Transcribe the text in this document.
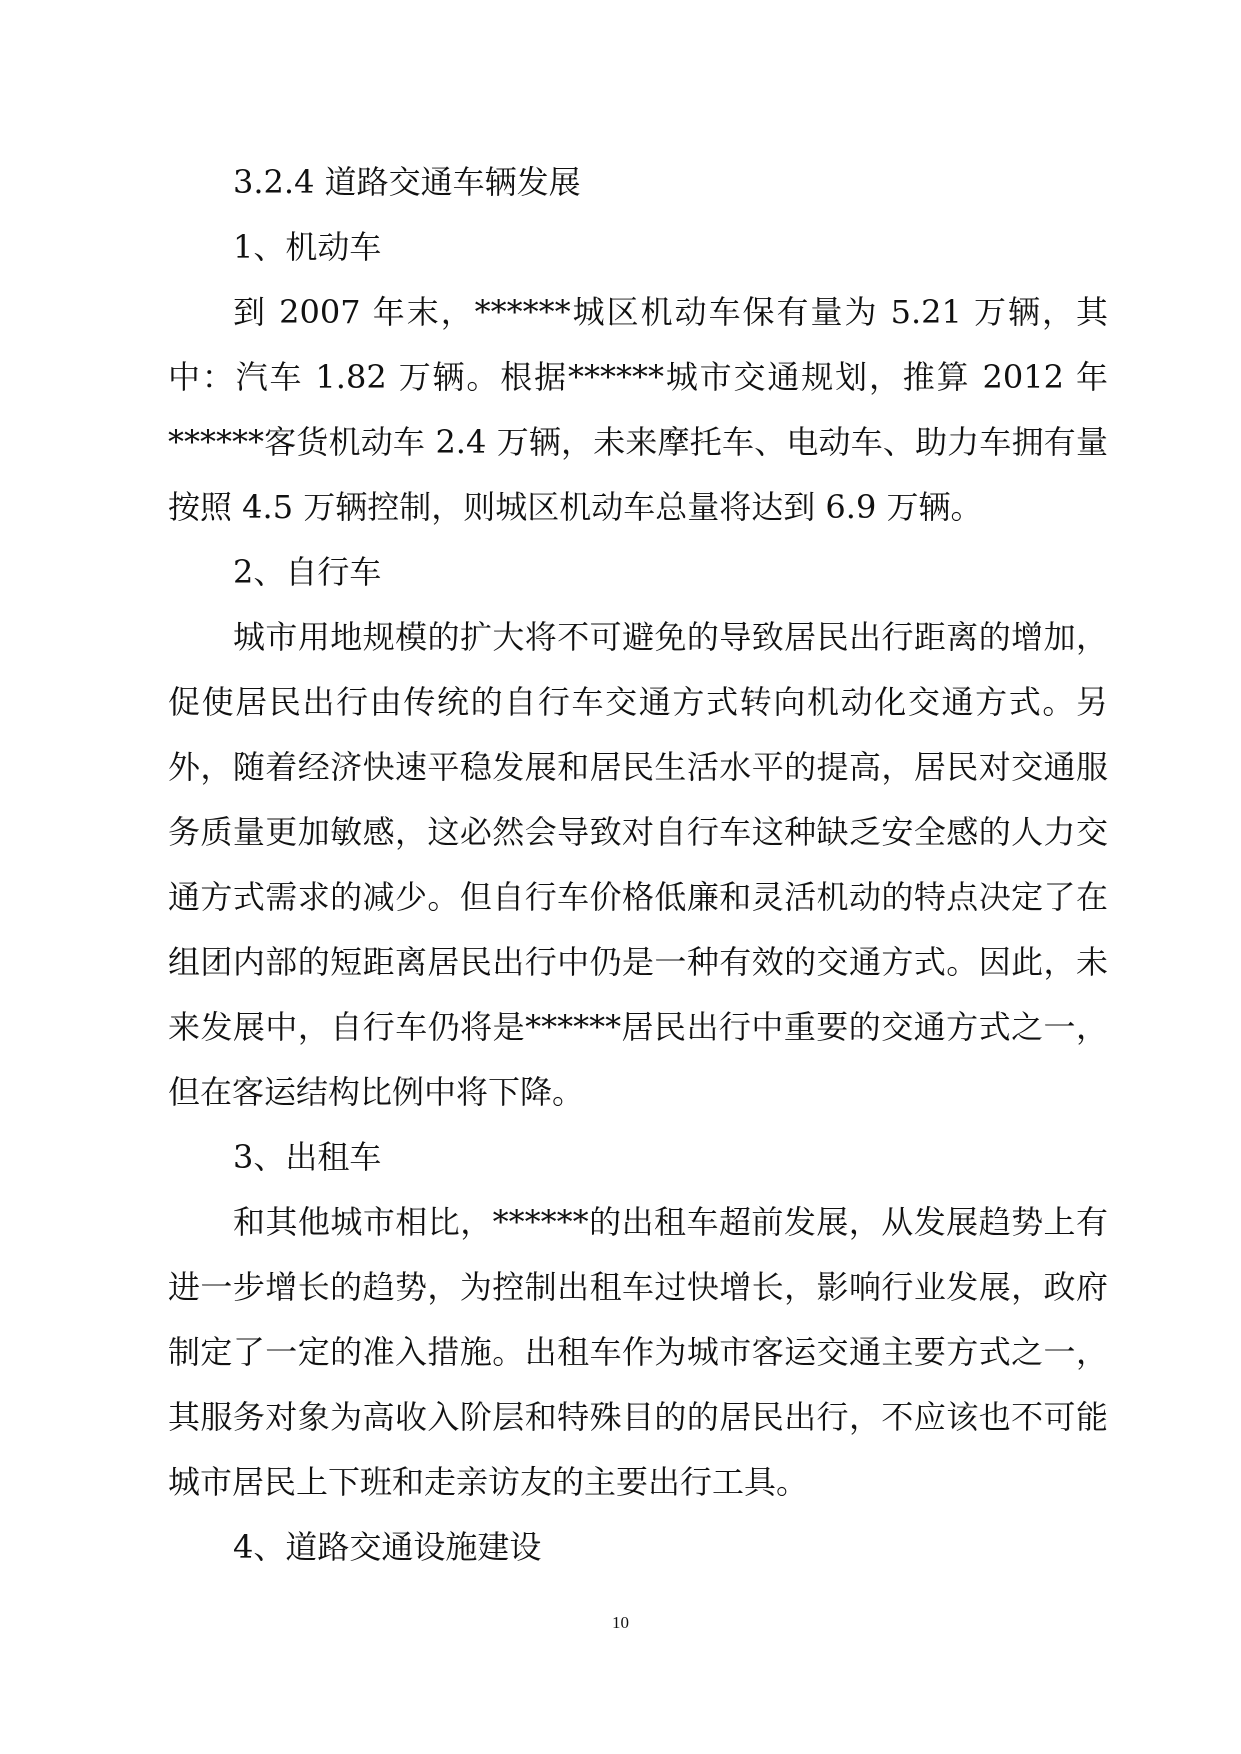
3.2.4 道路交通车辆发展

1、机动车

到 2007 年末，******城区机动车保有量为 5.21 万辆，其中：汽车 1.82 万辆。根据******城市交通规划，推算 2012 年******客货机动车 2.4 万辆，未来摩托车、电动车、助力车拥有量按照 4.5 万辆控制，则城区机动车总量将达到 6.9 万辆。

2、自行车

城市用地规模的扩大将不可避免的导致居民出行距离的增加，促使居民出行由传统的自行车交通方式转向机动化交通方式。另外，随着经济快速平稳发展和居民生活水平的提高，居民对交通服务质量更加敏感，这必然会导致对自行车这种缺乏安全感的人力交通方式需求的减少。但自行车价格低廉和灵活机动的特点决定了在组团内部的短距离居民出行中仍是一种有效的交通方式。因此，未来发展中，自行车仍将是******居民出行中重要的交通方式之一，但在客运结构比例中将下降。

3、出租车

和其他城市相比，******的出租车超前发展，从发展趋势上有进一步增长的趋势，为控制出租车过快增长，影响行业发展，政府制定了一定的准入措施。出租车作为城市客运交通主要方式之一，其服务对象为高收入阶层和特殊目的的居民出行，不应该也不可能城市居民上下班和走亲访友的主要出行工具。

4、道路交通设施建设

10
